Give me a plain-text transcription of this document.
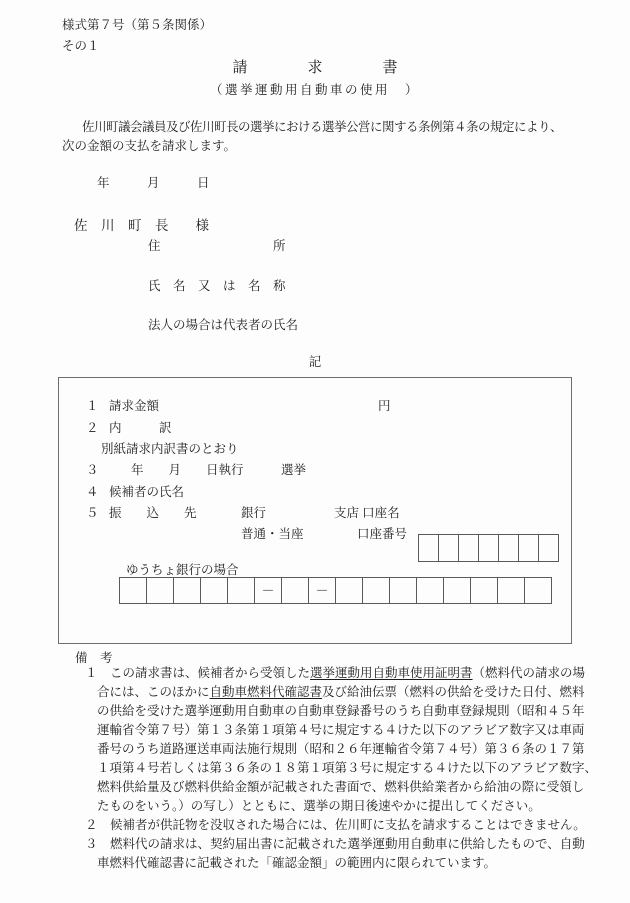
様式第７号（第５条関係）
その１
請　　　　求　　　　書
（選挙運動用自動車の使用　）
佐川町議会議員及び佐川町長の選挙における選挙公営に関する条例第４条の規定により、
次の金額の支払を請求します。
年　　　月　　　日
佐　川　町　長　　様
住　　　　　　　　　所
氏　名　又　は　名　称
法人の場合は代表者の氏名
記
１ 請求金額	円
２ 内　　　訳
別紙請求内訳書のとおり
３	年　　月　　日執行　　　選挙
４ 候補者の氏名
５ 振　　込　　先	銀行	支店 口座名
普通・当座	口座番号
ゆうちょ銀行の場合
－	－
備　考
１　この請求書は、候補者から受領した選挙運動用自動車使用証明書（燃料代の請求の場
合には、このほかに自動車燃料代確認書及び給油伝票（燃料の供給を受けた日付、燃料
の供給を受けた選挙運動用自動車の自動車登録番号のうち自動車登録規則（昭和４５年
運輸省令第７号）第１３条第１項第４号に規定する４けた以下のアラビア数字又は車両
番号のうち道路運送車両法施行規則（昭和２６年運輸省令第７４号）第３６条の１７第
１項第４号若しくは第３６条の１８第１項第３号に規定する４けた以下のアラビア数字、
燃料供給量及び燃料供給金額が記載された書面で、燃料供給業者から給油の際に受領し
たものをいう。）の写し）とともに、選挙の期日後速やかに提出してください。
２　候補者が供託物を没収された場合には、佐川町に支払を請求することはできません。
３　燃料代の請求は、契約届出書に記載された選挙運動用自動車に供給したもので、自動
車燃料代確認書に記載された「確認金額」の範囲内に限られています。
